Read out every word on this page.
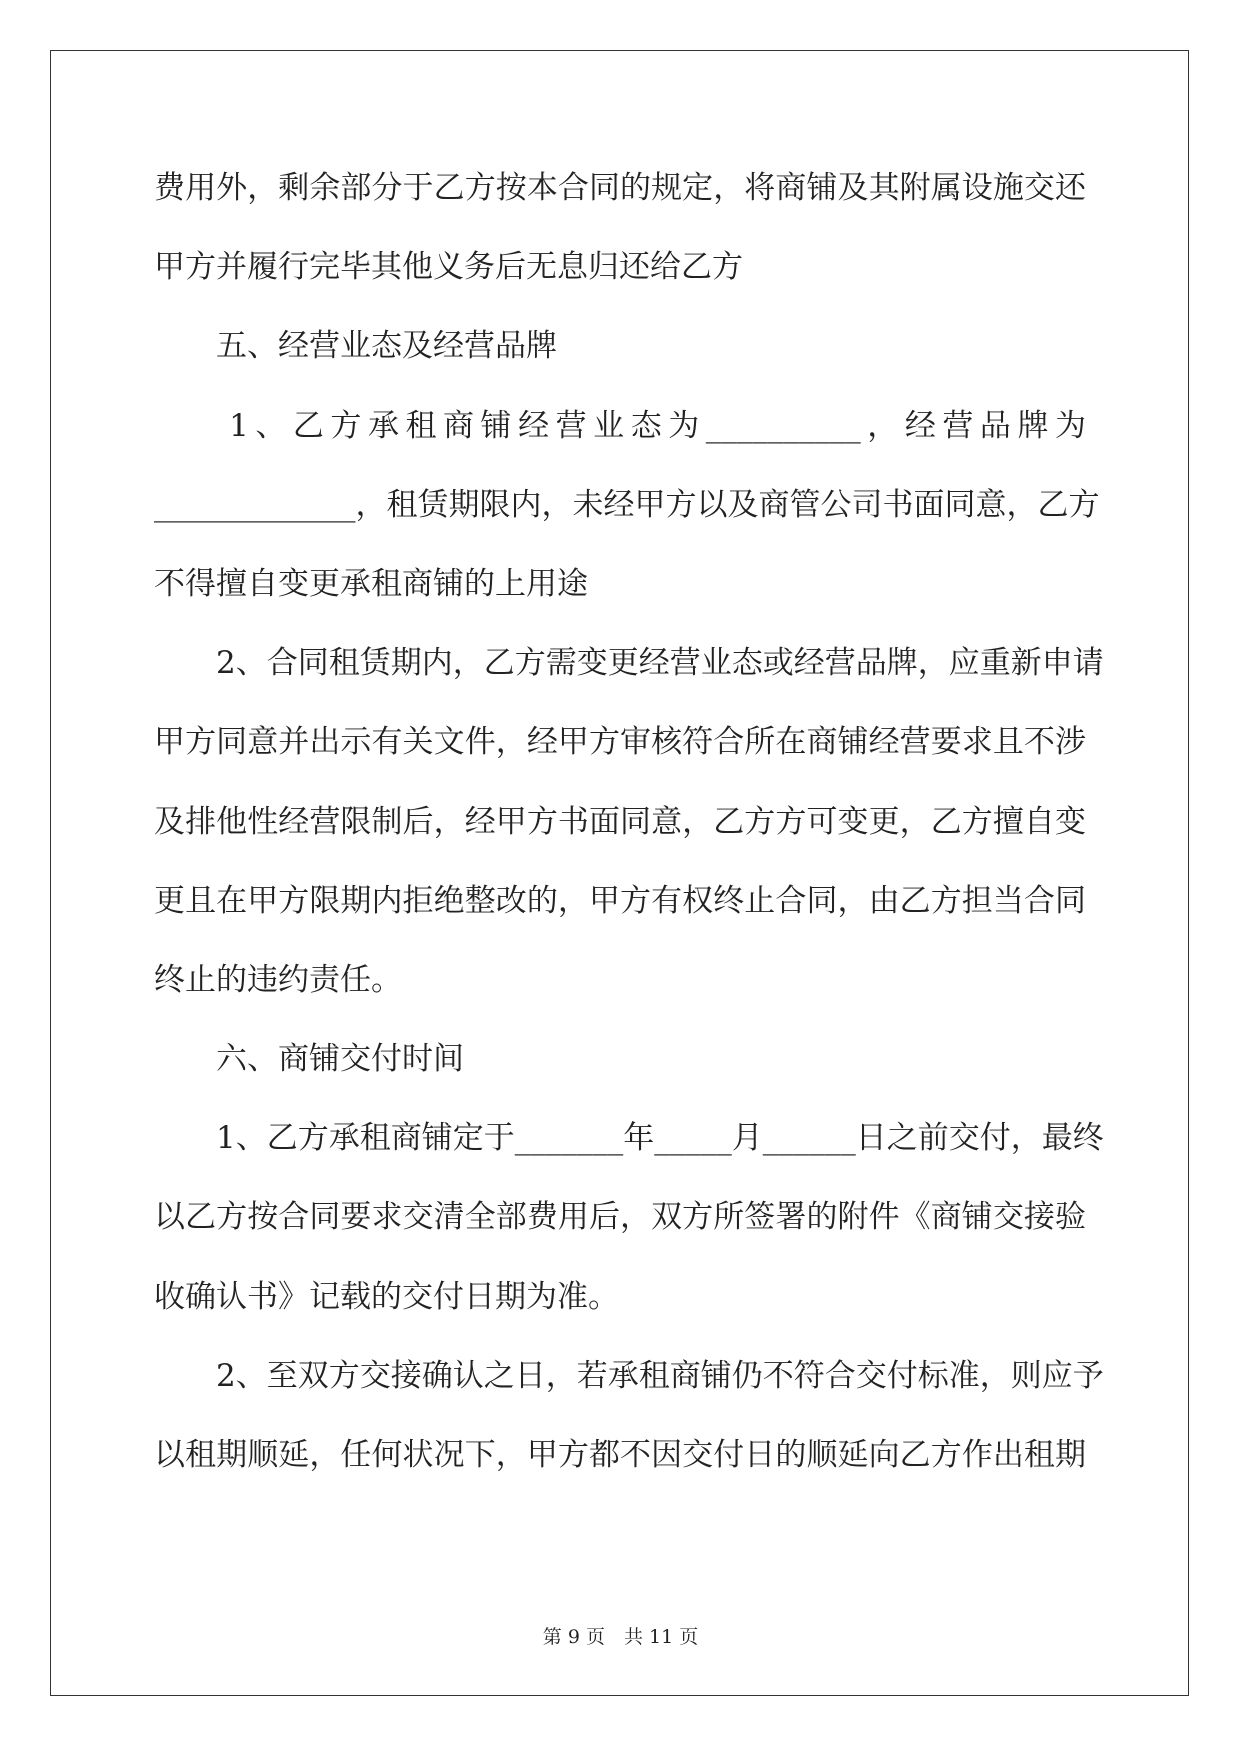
费用外，剩余部分于乙方按本合同的规定，将商铺及其附属设施交还
甲方并履行完毕其他义务后无息归还给乙方
　　五、经营业态及经营品牌
　　1、乙方承租商铺经营业态为__________，经营品牌为
_____________，租赁期限内，未经甲方以及商管公司书面同意，乙方
不得擅自变更承租商铺的上用途
　　2、合同租赁期内，乙方需变更经营业态或经营品牌，应重新申请
甲方同意并出示有关文件，经甲方审核符合所在商铺经营要求且不涉
及排他性经营限制后，经甲方书面同意，乙方方可变更，乙方擅自变
更且在甲方限期内拒绝整改的，甲方有权终止合同，由乙方担当合同
终止的违约责任。
　　六、商铺交付时间
　　1、乙方承租商铺定于_______年_____月______日之前交付，最终
以乙方按合同要求交清全部费用后，双方所签署的附件《商铺交接验
收确认书》记载的交付日期为准。
　　2、至双方交接确认之日，若承租商铺仍不符合交付标准，则应予
以租期顺延，任何状况下，甲方都不因交付日的顺延向乙方作出租期
第 9 页　共 11 页
